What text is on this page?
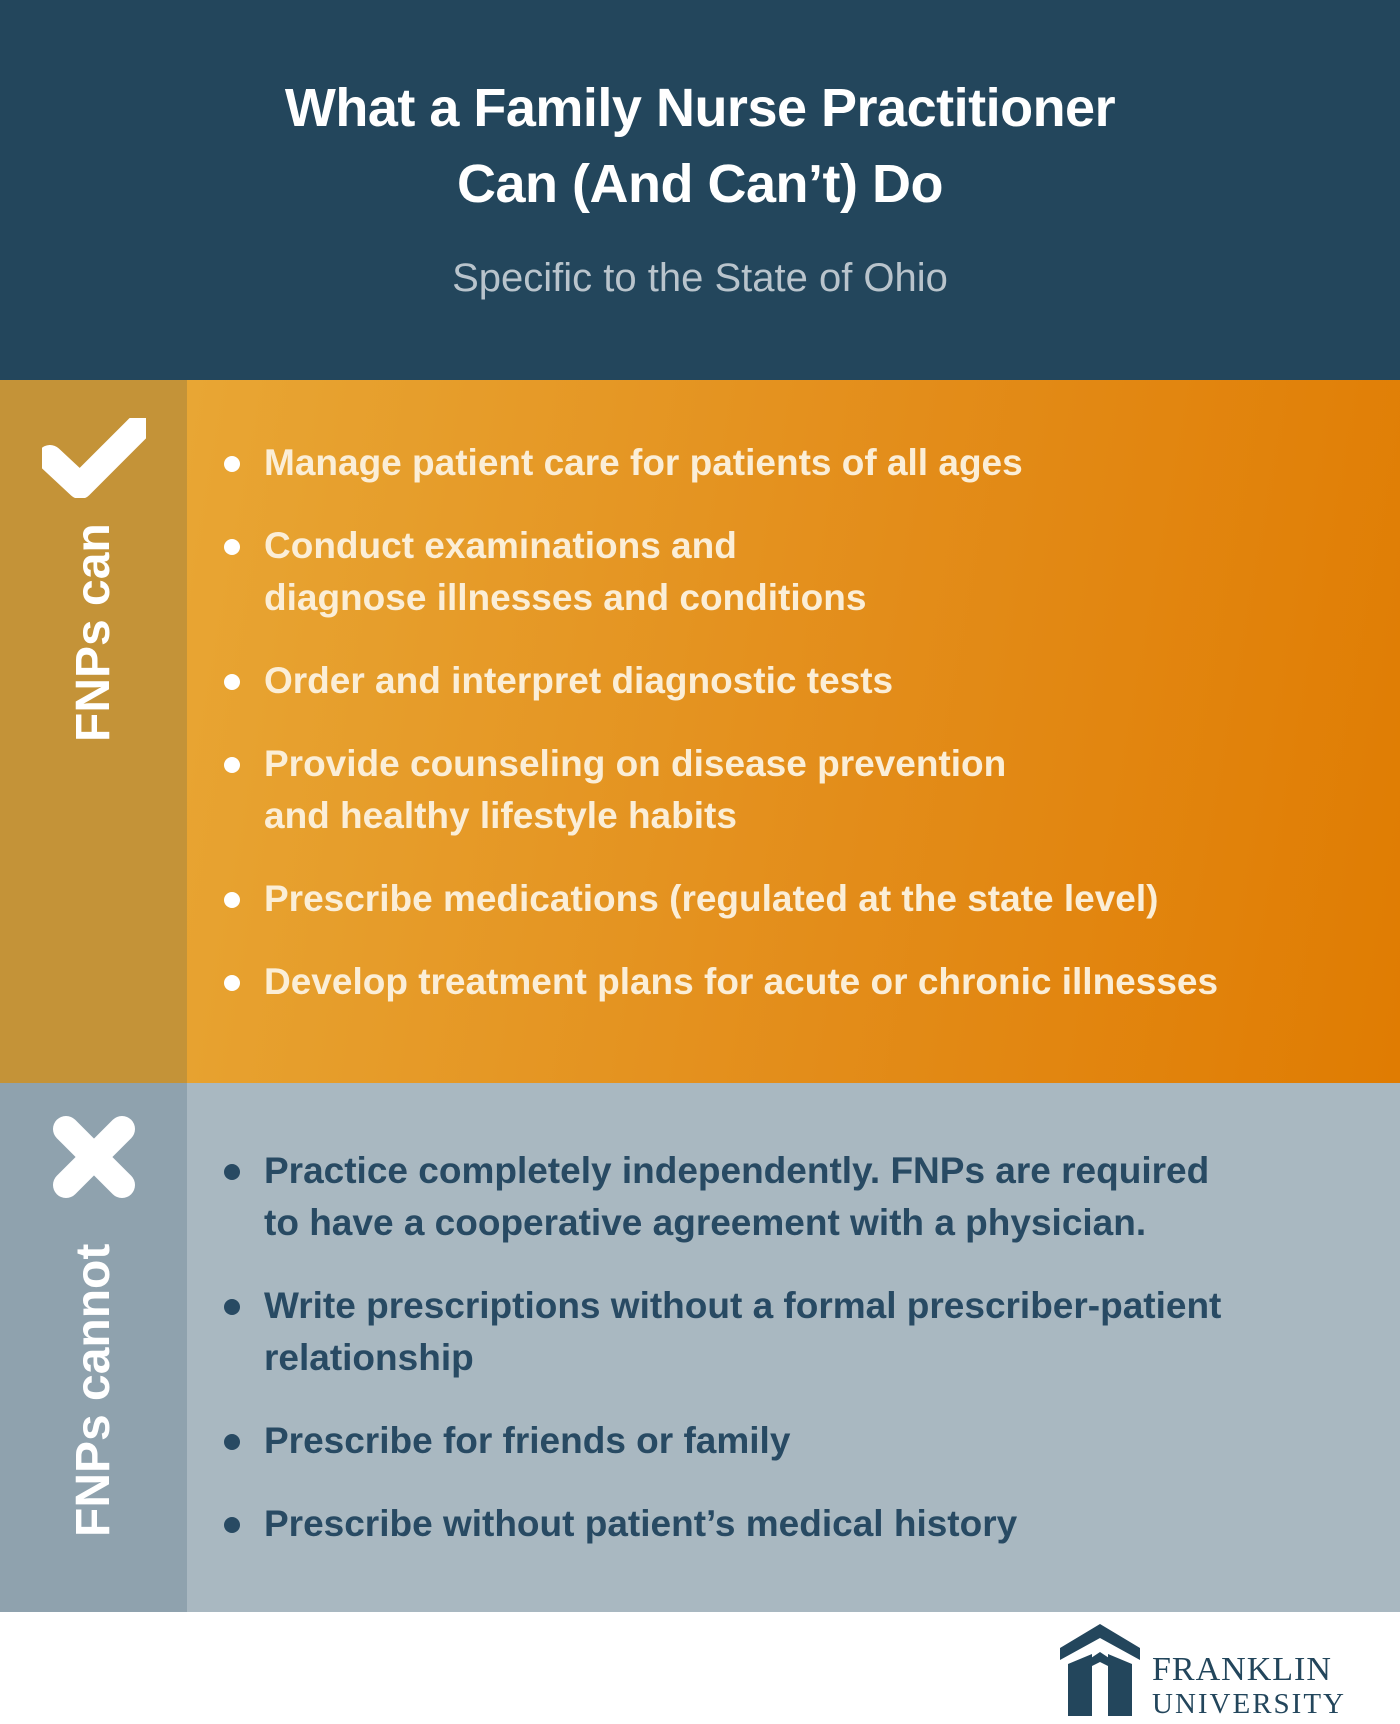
What a Family Nurse Practitioner
Can (And Can’t) Do
Specific to the State of Ohio
FNPs can
Manage patient care for patients of all ages
Conduct examinations and
diagnose illnesses and conditions
Order and interpret diagnostic tests
Provide counseling on disease prevention
and healthy lifestyle habits
Prescribe medications (regulated at the state level)
Develop treatment plans for acute or chronic illnesses
FNPs cannot
Practice completely independently. FNPs are required
to have a cooperative agreement with a physician.
Write prescriptions without a formal prescriber-patient
relationship
Prescribe for friends or family
Prescribe without patient’s medical history
FRANKLIN
UNIVERSITY
